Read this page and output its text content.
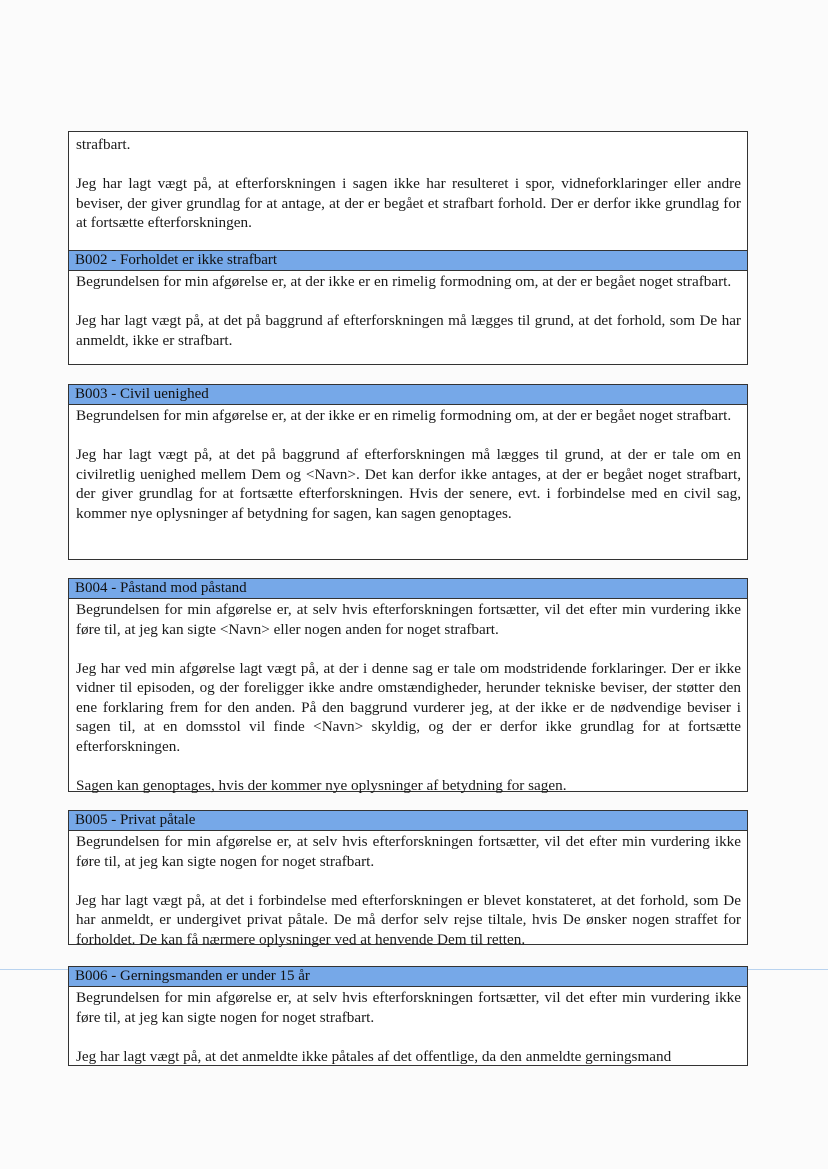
strafbart.

Jeg har lagt vægt på, at efterforskningen i sagen ikke har resulteret i spor, vidneforklaringer eller andre beviser, der giver grundlag for at antage, at der er begået et strafbart forhold. Der er derfor ikke grundlag for at fortsætte efterforskningen.

B002 - Forholdet er ikke strafbart

Begrundelsen for min afgørelse er, at der ikke er en rimelig formodning om, at der er begået noget strafbart.

Jeg har lagt vægt på, at det på baggrund af efterforskningen må lægges til grund, at det forhold, som De har anmeldt, ikke er strafbart.

B003 - Civil uenighed

Begrundelsen for min afgørelse er, at der ikke er en rimelig formodning om, at der er begået noget strafbart.

Jeg har lagt vægt på, at det på baggrund af efterforskningen må lægges til grund, at der er tale om en civilretlig uenighed mellem Dem og <Navn>. Det kan derfor ikke antages, at der er begået noget strafbart, der giver grundlag for at fortsætte efterforskningen. Hvis der senere, evt. i forbindelse med en civil sag, kommer nye oplysninger af betydning for sagen, kan sagen genoptages.

B004 - Påstand mod påstand

Begrundelsen for min afgørelse er, at selv hvis efterforskningen fortsætter, vil det efter min vurdering ikke føre til, at jeg kan sigte <Navn> eller nogen anden for noget strafbart.

Jeg har ved min afgørelse lagt vægt på, at der i denne sag er tale om modstridende forklaringer. Der er ikke vidner til episoden, og der foreligger ikke andre omstændigheder, herunder tekniske beviser, der støtter den ene forklaring frem for den anden. På den baggrund vurderer jeg, at der ikke er de nødvendige beviser i sagen til, at en domsstol vil finde <Navn> skyldig, og der er derfor ikke grundlag for at fortsætte efterforskningen.

Sagen kan genoptages, hvis der kommer nye oplysninger af betydning for sagen.

B005 - Privat påtale

Begrundelsen for min afgørelse er, at selv hvis efterforskningen fortsætter, vil det efter min vurdering ikke føre til, at jeg kan sigte nogen for noget strafbart.

Jeg har lagt vægt på, at det i forbindelse med efterforskningen er blevet konstateret, at det forhold, som De har anmeldt, er undergivet privat påtale. De må derfor selv rejse tiltale, hvis De ønsker nogen straffet for forholdet. De kan få nærmere oplysninger ved at henvende Dem til retten.

B006 - Gerningsmanden er under 15 år

Begrundelsen for min afgørelse er, at selv hvis efterforskningen fortsætter, vil det efter min vurdering ikke føre til, at jeg kan sigte nogen for noget strafbart.

Jeg har lagt vægt på, at det anmeldte ikke påtales af det offentlige, da den anmeldte gerningsmand
